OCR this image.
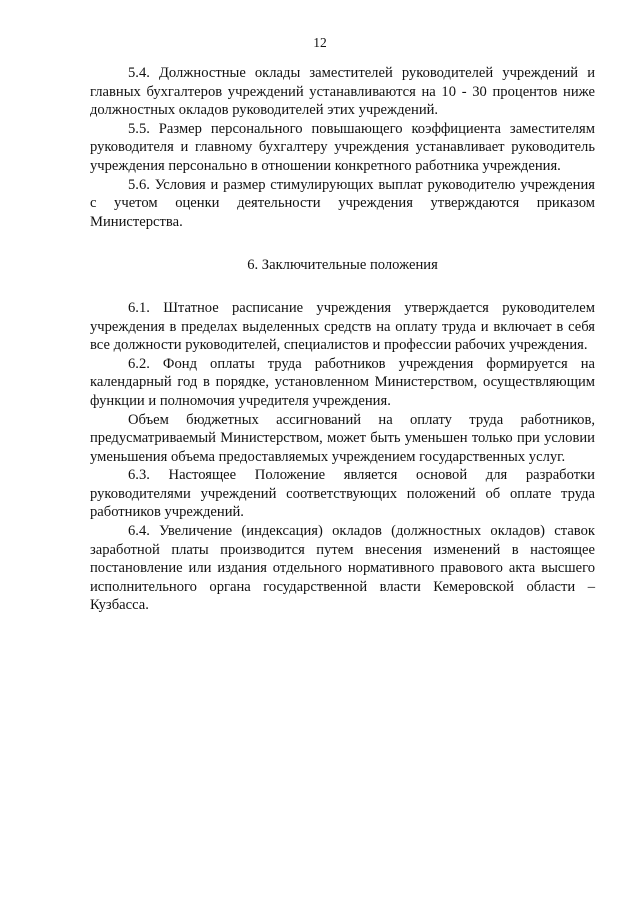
12

5.4. Должностные оклады заместителей руководителей учреждений и главных бухгалтеров учреждений устанавливаются на 10 - 30 процентов ниже должностных окладов руководителей этих учреждений.

5.5. Размер персонального повышающего коэффициента заместителям руководителя и главному бухгалтеру учреждения устанавливает руководитель учреждения персонально в отношении конкретного работника учреждения.

5.6. Условия и размер стимулирующих выплат руководителю учреждения с учетом оценки деятельности учреждения утверждаются приказом Министерства.

6. Заключительные положения

6.1. Штатное расписание учреждения утверждается руководителем учреждения в пределах выделенных средств на оплату труда и включает в себя все должности руководителей, специалистов и профессии рабочих учреждения.

6.2. Фонд оплаты труда работников учреждения формируется на календарный год в порядке, установленном Министерством, осуществляющим функции и полномочия учредителя учреждения.

Объем бюджетных ассигнований на оплату труда работников, предусматриваемый Министерством, может быть уменьшен только при условии уменьшения объема предоставляемых учреждением государственных услуг.

6.3. Настоящее Положение является основой для разработки руководителями учреждений соответствующих положений об оплате труда работников учреждений.

6.4. Увеличение (индексация) окладов (должностных окладов) ставок заработной платы производится путем внесения изменений в настоящее постановление или издания отдельного нормативного правового акта высшего исполнительного органа государственной власти Кемеровской области – Кузбасса.
